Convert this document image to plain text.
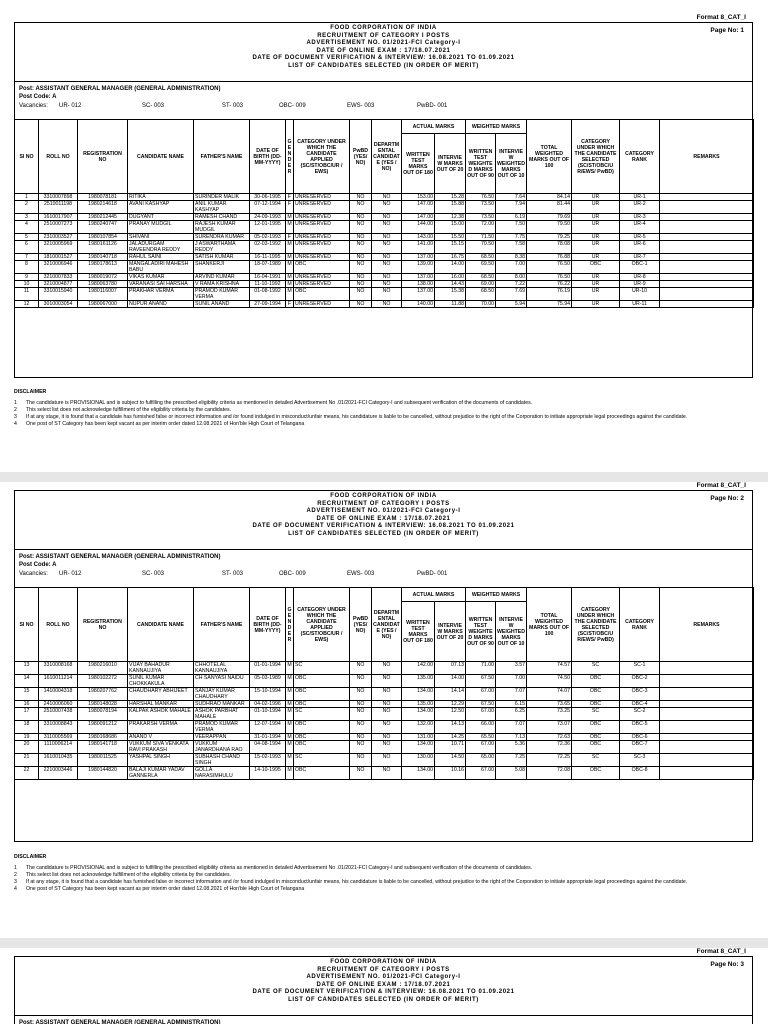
Format 8_CAT_I
Page No: 1
FOOD CORPORATION OF INDIA
RECRUITMENT OF CATEGORY I POSTS
ADVERTISEMENT NO. 01/2021-FCI Category-I
DATE OF ONLINE EXAM : 17/18.07.2021
DATE OF DOCUMENT VERIFICATION & INTERVIEW: 16.08.2021 TO 01.09.2021
LIST OF CANDIDATES SELECTED (IN ORDER OF MERIT)
Post: ASSISTANT GENERAL MANAGER (GENERAL ADMINISTRATION)
Post Code: A
Vacancies: UR- 012	SC- 003	ST- 003	OBC- 009	EWS- 003	PwBD- 001
Sl NO	ROLL NO	REGISTRATION NO	CANDIDATE NAME	FATHER'S NAME	DATE OF BIRTH (DD-MM-YYYY)	G E N D E R	CATEGORY UNDER WHICH THE CANDIDATE APPLIED (SC/ST/OBC/UR / EWS)	PwBD (YES/ NO)	DEPARTMENTAL CANDIDATE (YES / NO)	ACTUAL MARKS		WEIGHTED MARKS		TOTAL WEIGHTED MARKS OUT OF 100	CATEGORY UNDER WHICH THE CANDIDATE SELECTED (SC/ST/OBC/U R/EWS/ PwBD)	CATEGORY RANK	REMARKS
										WRITTEN TEST MARKS OUT OF 180	INTERVIEW MARKS OUT OF 20	WRITTEN TEST WEIGHTED MARKS OUT OF 90	INTERVIEW WEIGHTED MARKS OUT OF 10				
1	3310007898	1980078181	RITIKA	SURINDER MALIK	30-06-1995	F	UNRESERVED	NO	NO	153.00	15.28	76.50	7.64	84.14	UR	UR-1	
2	2510011198	1980214618	AVANI KASHYAP	ANIL KUMAR KASHYAP	07-12-1994	F	UNRESERVED	NO	NO	147.00	15.88	73.50	7.94	81.44	UR	UR-2	
3	1610017907	1980212445	DUGYANT	RAMESH CHAND	24-09-1993	M	UNRESERVED	NO	NO	147.00	12.38	73.50	6.19	79.69	UR	UR-3	
4	2510007273	1980240747	PRANAY MUDGIL	RAJESH KUMAR MUDGIL	12-01-1995	M	UNRESERVED	NO	NO	144.00	15.00	72.00	7.50	79.50	UR	UR-4	
5	2310003527	1980107854	SHIVANI	SURENDRA KUMAR	05-02-1993	F	UNRESERVED	NO	NO	143.00	15.50	71.50	7.75	79.25	UR	UR-5	
6	3210005969	1980161126	JALADURGAM RAVEENDRA REDDY	J ASWARTHAMA REDDY	02-03-1992	M	UNRESERVED	NO	NO	141.00	15.15	70.50	7.58	78.08	UR	UR-6	
7	1810001527	1980140718	RAHUL SAINI	SATISH KUMAR	16-11-1995	M	UNRESERVED	NO	NO	137.00	16.75	68.50	8.38	76.88	UR	UR-7	
8	3210006946	1980178613	MANGALADIRI MAHESH BABU	SHANKERJI	18-07-1989	M	OBC	NO	NO	139.00	14.00	69.50	7.00	76.50	OBC	OBC-1	
9	3210007833	1980019072	VIKAS KUMAR	ARVIND KUMAR	16-04-1991	M	UNRESERVED	NO	NO	137.00	16.00	68.50	8.00	76.50	UR	UR-8	
10	3210004877	1980063780	VARANASI SAI HARSHA	V RAMA KRISHNA	11-10-1992	M	UNRESERVED	NO	NO	138.00	14.43	69.00	7.22	76.22	UR	UR-9	
11	3310015940	1980116007	PRAKHAR VERMA	PRAMOD KUMAR VERMA	01-08-1992	M	OBC	NO	NO	137.00	15.38	68.50	7.69	76.19	UR	UR-10	
12	3010003054	1980067000	NUPUR ANAND	SUNIL ANAND	27-09-1994	F	UNRESERVED	NO	NO	140.00	11.88	70.00	5.94	75.94	UR	UR-11	
DISCLAIMER
1 The candidature is PROVISIONAL and is subject to fulfilling the prescribed eligibility criteria as mentioned in detailed Advertisement No .01/2021-FCI Category-I and subsequent verification of the documents of candidates.
2 This select list does not acknowledge fulfillment of the eligibility criteria by the candidates.
3 If at any stage, it is found that a candidate has furnished false or incorrect information and /or found indulged in misconduct/unfair means, his candidature is liable to be cancelled, without prejudice to the right of the Corporation to initiate appropriate legal proceedings against the candidate.
4 One post of ST Category has been kept vacant as per interim order dated 12.08.2021 of Hon'ble High Court of Telangana
Format 8_CAT_I
Page No: 2
FOOD CORPORATION OF INDIA
RECRUITMENT OF CATEGORY I POSTS
ADVERTISEMENT NO. 01/2021-FCI Category-I
DATE OF ONLINE EXAM : 17/18.07.2021
DATE OF DOCUMENT VERIFICATION & INTERVIEW: 16.08.2021 TO 01.09.2021
LIST OF CANDIDATES SELECTED (IN ORDER OF MERIT)
Post: ASSISTANT GENERAL MANAGER (GENERAL ADMINISTRATION)
Post Code: A
Vacancies: UR- 012	SC- 003	ST- 003	OBC- 009	EWS- 003	PwBD- 001
Sl NO	ROLL NO	REGISTRATION NO	CANDIDATE NAME	FATHER'S NAME	DATE OF BIRTH (DD-MM-YYYY)	G E N D E R	CATEGORY UNDER WHICH THE CANDIDATE APPLIED (SC/ST/OBC/UR / EWS)	PwBD (YES/ NO)	DEPARTMENTAL CANDIDATE (YES / NO)	ACTUAL MARKS		WEIGHTED MARKS		TOTAL WEIGHTED MARKS OUT OF 100	CATEGORY UNDER WHICH THE CANDIDATE SELECTED (SC/ST/OBC/U R/EWS/ PwBD)	CATEGORY RANK	REMARKS
										WRITTEN TEST MARKS OUT OF 180	INTERVIEW MARKS OUT OF 20	WRITTEN TEST WEIGHTED MARKS OUT OF 90	INTERVIEW WEIGHTED MARKS OUT OF 10				
13	3310008168	1980216010	VIJAY BAHADUR KANNAUJIYA	CHHOTELAL KANNAUJIYA	01-01-1994	M	SC	NO	NO	142.00	07.13	71.00	3.57	74.57	SC	SC-1	
14	1610011214	1980102272	SUNIL KUMAR CHOKKAKULA	CH SANYASI NAIDU	05-03-1989	M	OBC	NO	NO	135.00	14.00	67.50	7.00	74.50	OBC	OBC-2	
15	1410004318	1980207762	CHAUDHARY ABHIJEET	SANJAY KUMAR CHAUDHARY	15-10-1994	M	OBC	NO	NO	134.00	14.14	67.00	7.07	74.07	OBC	OBC-3	
16	2410006060	1980148028	HARSHAL MANKAR	SUDHRAO MANKAR	04-02-1996	M	OBC	NO	NO	135.00	12.29	67.50	6.15	73.65	OBC	OBC-4	
17	2510007438	1980078194	KALPAK ASHOK MAHALE	ASHOK PARBHAT MAHALE	01-10-1994	M	SC	NO	NO	134.00	12.50	67.00	6.25	73.25	SC	SC-2	
18	3310008843	1980091212	PRAKARSH VERMA	PRAMOD KUMAR VERMA	12-07-1994	M	OBC	NO	NO	132.00	14.13	66.00	7.07	73.07	OBC	OBC-5	
19	3110005569	1980168686	ANAND V	VEERAPPAN	31-01-1994	M	OBC	NO	NO	131.00	14.25	65.50	7.13	72.63	OBC	OBC-6	
20	1110006214	1980141718	VUKKUM SIVA VENKATA RAVI PRAKASH	VUKKUM JANARDHANA RAO	04-08-1994	M	OBC	NO	NO	134.00	10.71	67.00	5.36	72.36	OBC	OBC-7	
21	1610010435	1980011525	YASHPAL SINGH	SUBHASH CHAND SINGH	15-02-1993	M	SC	NO	NO	130.00	14.50	65.00	7.25	72.25	SC	SC-3	
22	2210003446	1980144820	BALAJI KUMAR YADAV GANNERLA	GOLLA NARASIMHULU	14-10-1995	M	OBC	NO	NO	134.00	10.16	67.00	5.08	72.08	OBC	OBC-8	
DISCLAIMER
1 The candidature is PROVISIONAL and is subject to fulfilling the prescribed eligibility criteria as mentioned in detailed Advertisement No .01/2021-FCI Category-I and subsequent verification of the documents of candidates.
2 This select list does not acknowledge fulfillment of the eligibility criteria by the candidates.
3 If at any stage, it is found that a candidate has furnished false or incorrect information and /or found indulged in misconduct/unfair means, his candidature is liable to be cancelled, without prejudice to the right of the Corporation to initiate appropriate legal proceedings against the candidate.
4 One post of ST Category has been kept vacant as per interim order dated 12.08.2021 of Hon'ble High Court of Telangana
Format 8_CAT_I
Page No: 3
FOOD CORPORATION OF INDIA
RECRUITMENT OF CATEGORY I POSTS
ADVERTISEMENT NO. 01/2021-FCI Category-I
DATE OF ONLINE EXAM : 17/18.07.2021
DATE OF DOCUMENT VERIFICATION & INTERVIEW: 16.08.2021 TO 01.09.2021
LIST OF CANDIDATES SELECTED (IN ORDER OF MERIT)
Post: ASSISTANT GENERAL MANAGER (GENERAL ADMINISTRATION)
